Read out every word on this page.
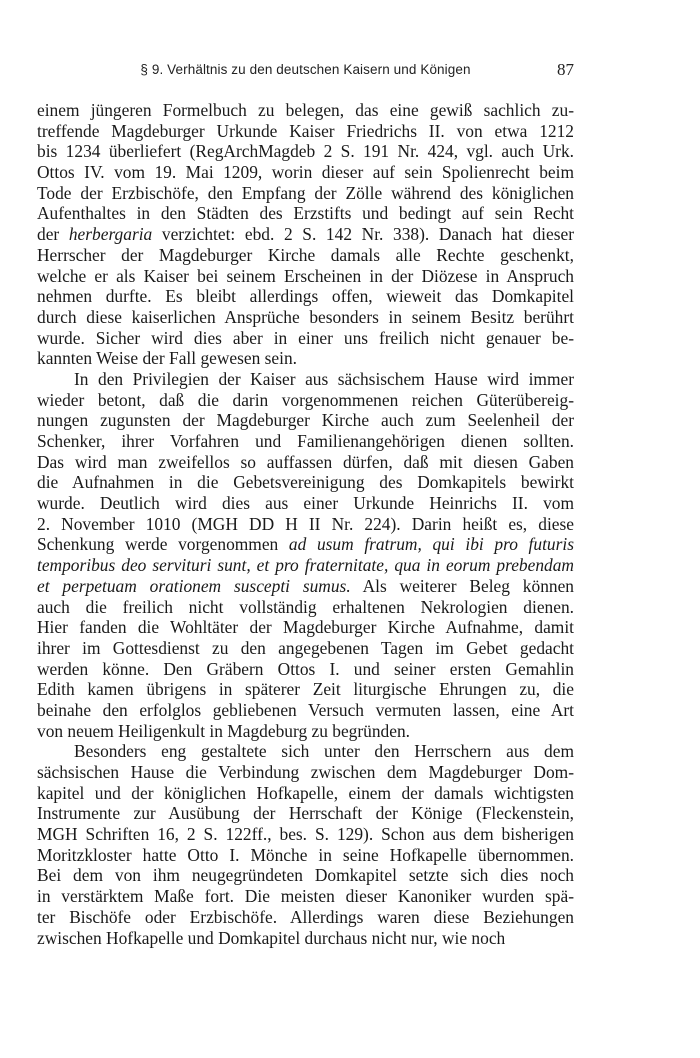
§ 9. Verhältnis zu den deutschen Kaisern und Königen	87
einem jüngeren Formelbuch zu belegen, das eine gewiß sachlich zu-
treffende Magdeburger Urkunde Kaiser Friedrichs II. von etwa 1212
bis 1234 überliefert (RegArchMagdeb 2 S. 191 Nr. 424, vgl. auch Urk.
Ottos IV. vom 19. Mai 1209, worin dieser auf sein Spolienrecht beim
Tode der Erzbischöfe, den Empfang der Zölle während des königlichen
Aufenthaltes in den Städten des Erzstifts und bedingt auf sein Recht
der herbergaria verzichtet: ebd. 2 S. 142 Nr. 338). Danach hat dieser
Herrscher der Magdeburger Kirche damals alle Rechte geschenkt,
welche er als Kaiser bei seinem Erscheinen in der Diözese in Anspruch
nehmen durfte. Es bleibt allerdings offen, wieweit das Domkapitel
durch diese kaiserlichen Ansprüche besonders in seinem Besitz berührt
wurde. Sicher wird dies aber in einer uns freilich nicht genauer be-
kannten Weise der Fall gewesen sein.
In den Privilegien der Kaiser aus sächsischem Hause wird immer
wieder betont, daß die darin vorgenommenen reichen Güterübereig-
nungen zugunsten der Magdeburger Kirche auch zum Seelenheil der
Schenker, ihrer Vorfahren und Familienangehörigen dienen sollten.
Das wird man zweifellos so auffassen dürfen, daß mit diesen Gaben
die Aufnahmen in die Gebetsvereinigung des Domkapitels bewirkt
wurde. Deutlich wird dies aus einer Urkunde Heinrichs II. vom
2. November 1010 (MGH DD H II Nr. 224). Darin heißt es, diese
Schenkung werde vorgenommen ad usum fratrum, qui ibi pro futuris
temporibus deo servituri sunt, et pro fraternitate, qua in eorum prebendam
et perpetuam orationem suscepti sumus. Als weiterer Beleg können
auch die freilich nicht vollständig erhaltenen Nekrologien dienen.
Hier fanden die Wohltäter der Magdeburger Kirche Aufnahme, damit
ihrer im Gottesdienst zu den angegebenen Tagen im Gebet gedacht
werden könne. Den Gräbern Ottos I. und seiner ersten Gemahlin
Edith kamen übrigens in späterer Zeit liturgische Ehrungen zu, die
beinahe den erfolglos gebliebenen Versuch vermuten lassen, eine Art
von neuem Heiligenkult in Magdeburg zu begründen.
Besonders eng gestaltete sich unter den Herrschern aus dem
sächsischen Hause die Verbindung zwischen dem Magdeburger Dom-
kapitel und der königlichen Hofkapelle, einem der damals wichtigsten
Instrumente zur Ausübung der Herrschaft der Könige (Fleckenstein,
MGH Schriften 16, 2 S. 122ff., bes. S. 129). Schon aus dem bisherigen
Moritzkloster hatte Otto I. Mönche in seine Hofkapelle übernommen.
Bei dem von ihm neugegründeten Domkapitel setzte sich dies noch
in verstärktem Maße fort. Die meisten dieser Kanoniker wurden spä-
ter Bischöfe oder Erzbischöfe. Allerdings waren diese Beziehungen
zwischen Hofkapelle und Domkapitel durchaus nicht nur, wie noch
